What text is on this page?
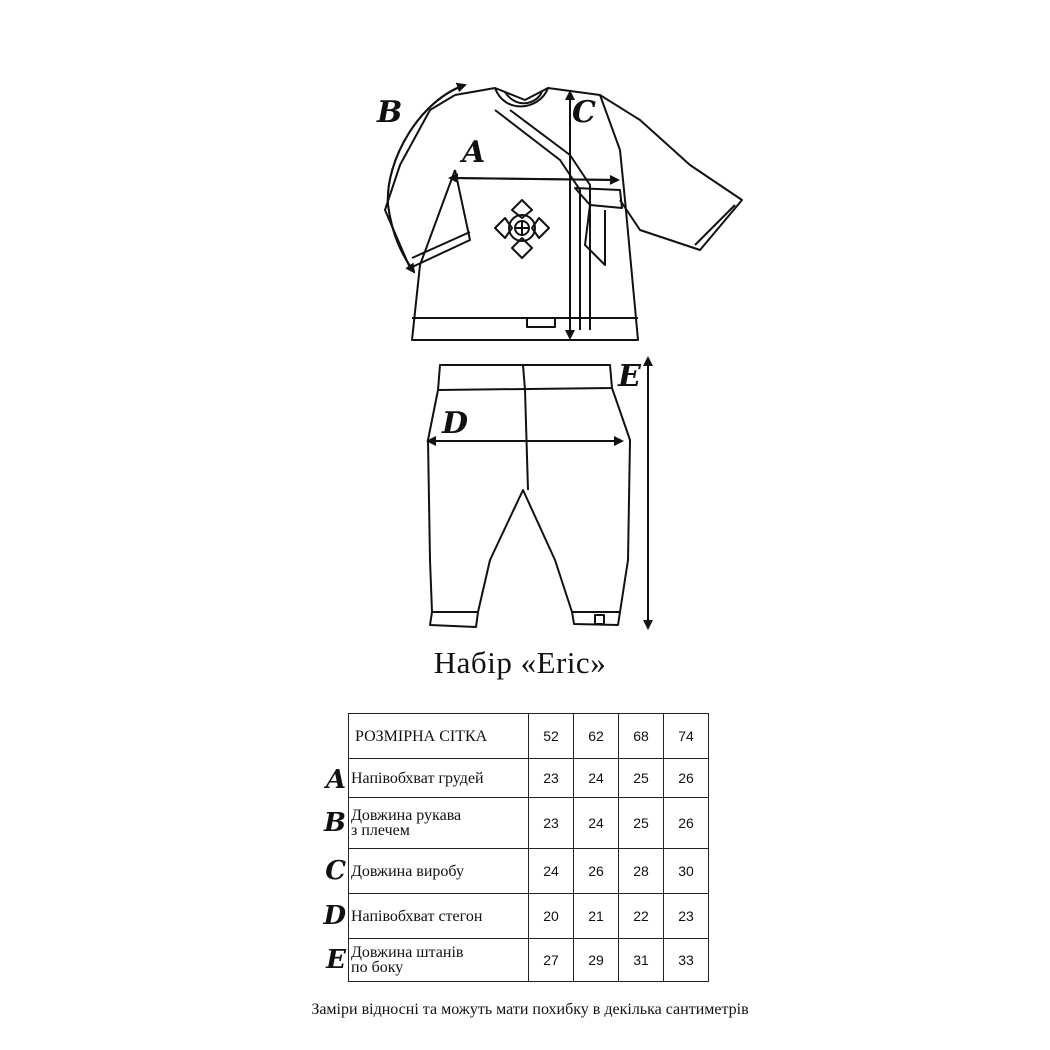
B
A
C
D
E
Набір «Eric»
A
B
C
D
E
РОЗМІРНА СІТКА	52	62	68	74

Напівобхват грудей	23	24	25	26

Довжина рукава
з плечем	23	24	25	26

Довжина виробу	24	26	28	30

Напівобхват стегон	20	21	22	23

Довжина штанів
по боку	27	29	31	33
Заміри відносні та можуть мати похибку в декілька сантиметрів
